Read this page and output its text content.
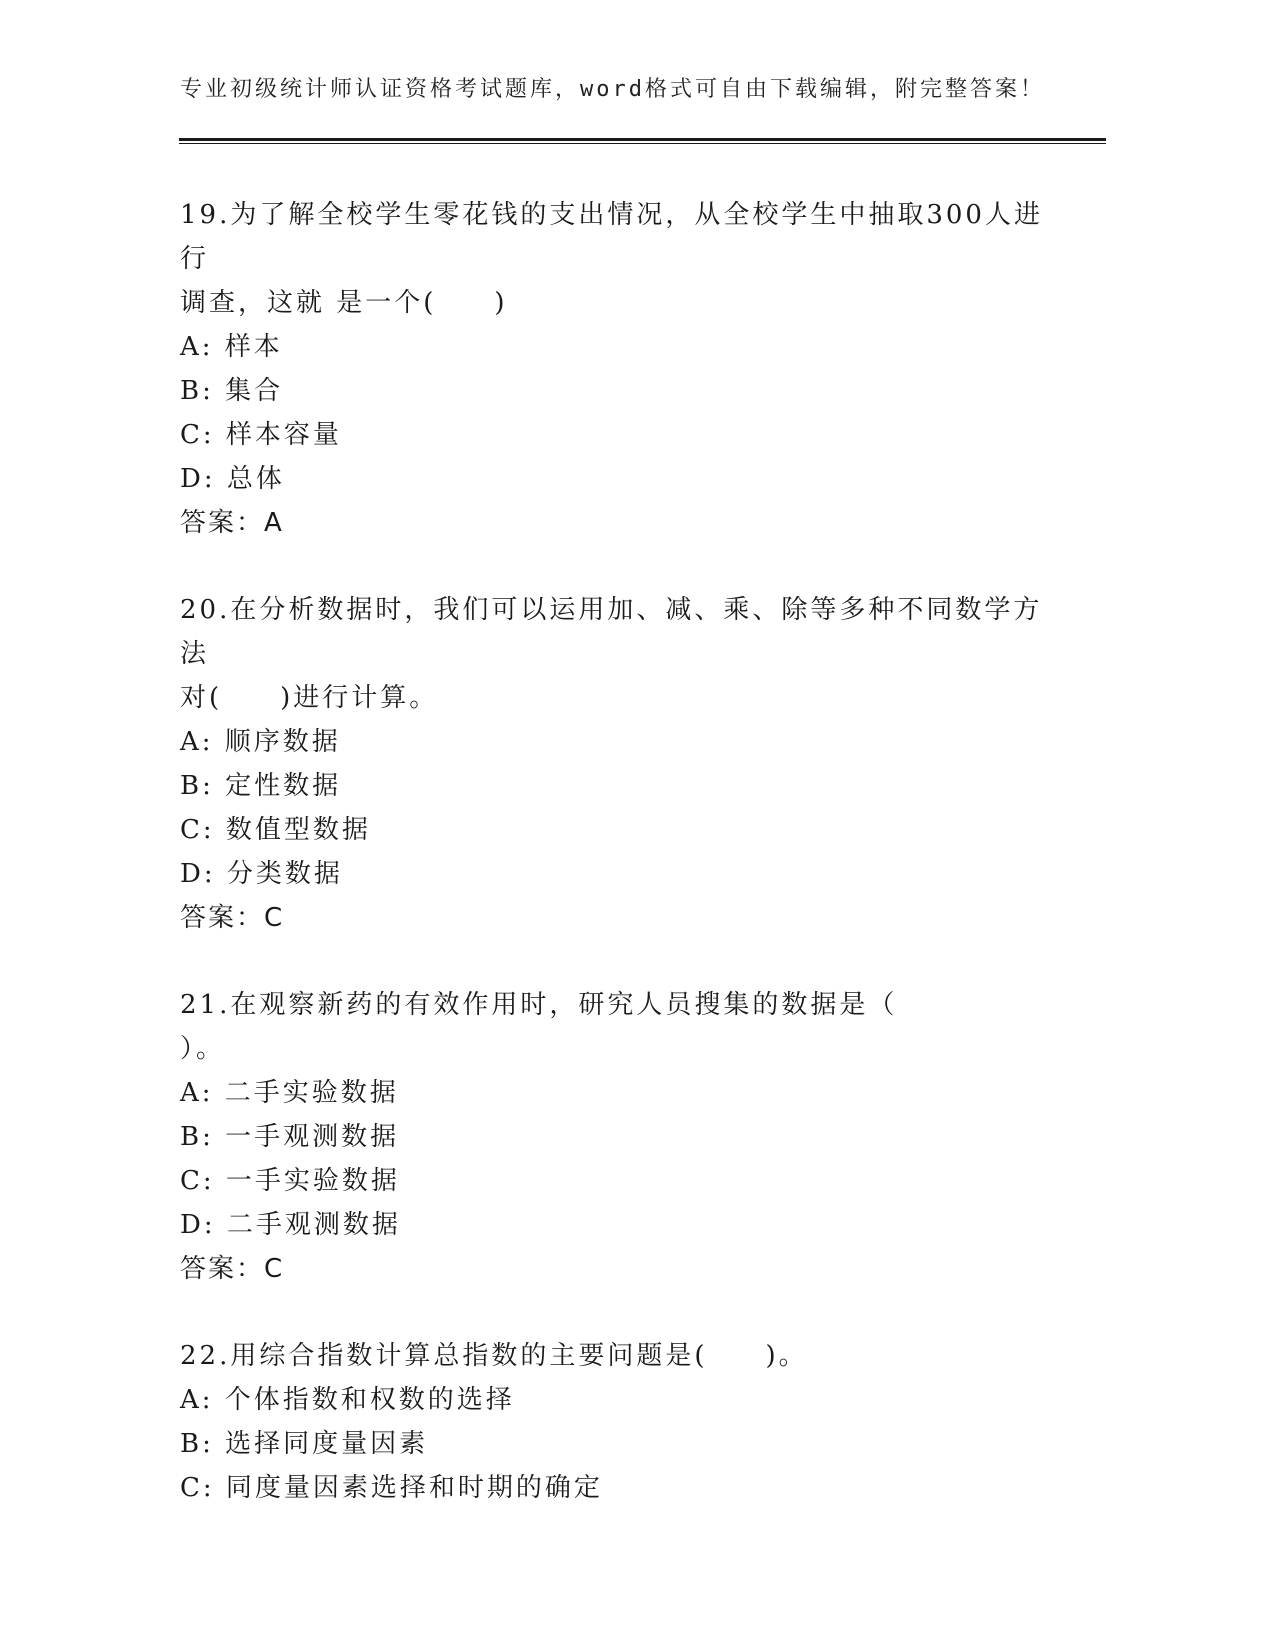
专业初级统计师认证资格考试题库，word格式可自由下载编辑，附完整答案！

19.为了解全校学生零花钱的支出情况，从全校学生中抽取300人进行
调查，这就 是一个(　　)

A: 样本

B: 集合

C: 样本容量

D: 总体

答案：A

20.在分析数据时，我们可以运用加、减、乘、除等多种不同数学方法
对(　　)进行计算。

A: 顺序数据

B: 定性数据

C: 数值型数据

D: 分类数据

答案：C

21.在观察新药的有效作用时，研究人员搜集的数据是（
）。

A: 二手实验数据

B: 一手观测数据

C: 一手实验数据

D: 二手观测数据

答案：C

22.用综合指数计算总指数的主要问题是(　　)。

A: 个体指数和权数的选择

B: 选择同度量因素

C: 同度量因素选择和时期的确定
